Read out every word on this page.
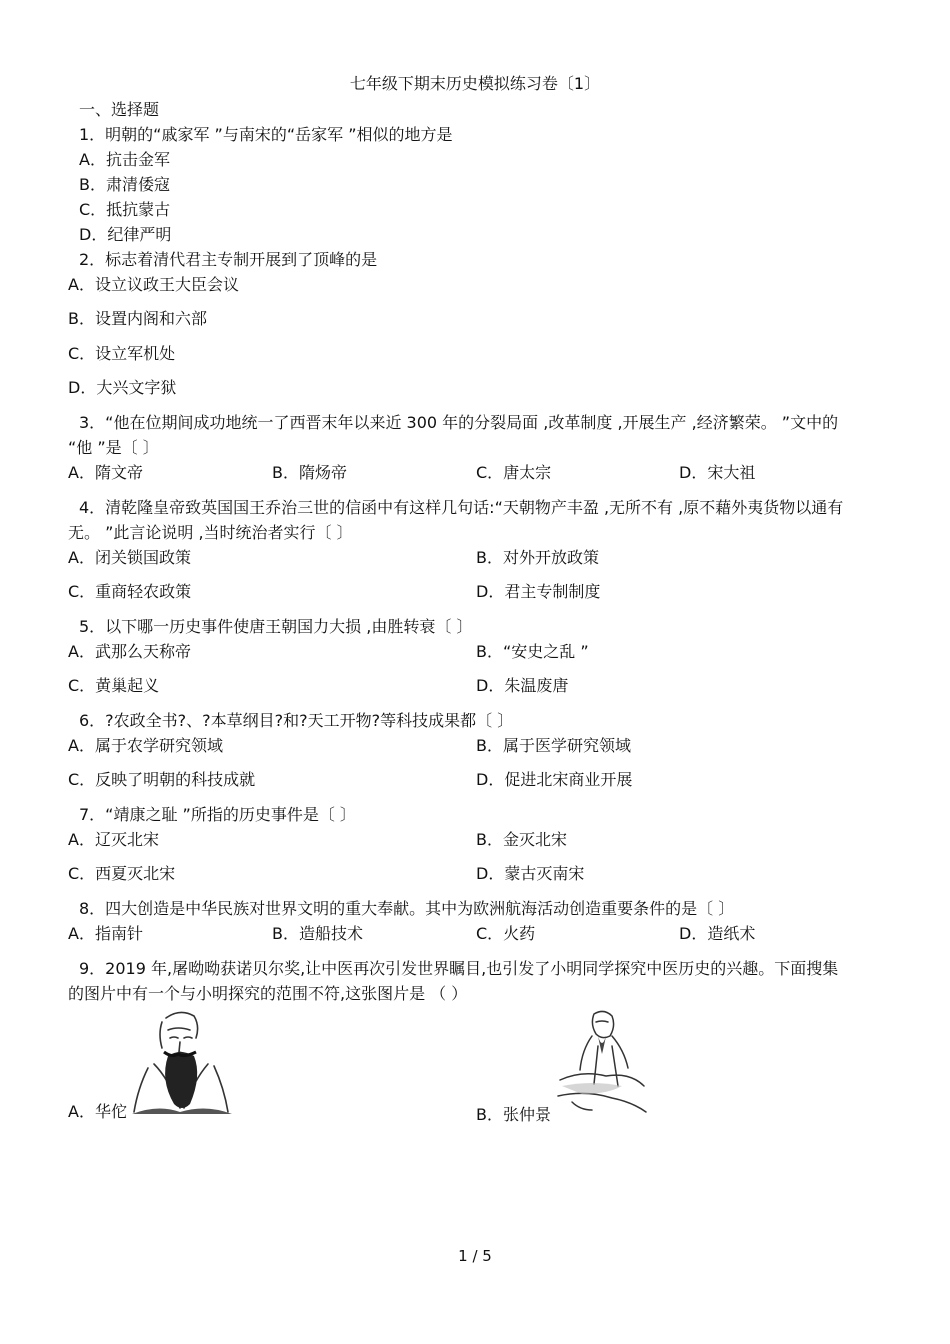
七年级下期末历史模拟练习卷〔1〕
一、选择题
1．明朝的“戚家军 ”与南宋的“岳家军 ”相似的地方是
A．抗击金军
B．肃清倭寇
C．抵抗蒙古
D．纪律严明
2．标志着清代君主专制开展到了顶峰的是
A．设立议政王大臣会议
B．设置内阁和六部
C．设立军机处
D．大兴文字狱
3．“他在位期间成功地统一了西晋末年以来近 300 年的分裂局面 ,改革制度 ,开展生产 ,经济繁荣。 ”文中的
“他 ”是〔 〕
A．隋文帝	B．隋炀帝	C．唐太宗	D．宋大祖
4．清乾隆皇帝致英国国王乔治三世的信函中有这样几句话:“天朝物产丰盈 ,无所不有 ,原不藉外夷货物以通有
无。 ”此言论说明 ,当时统治者实行〔 〕
A．闭关锁国政策	B．对外开放政策
C．重商轻农政策	D．君主专制制度
5．以下哪一历史事件使唐王朝国力大损 ,由胜转衰〔 〕
A．武那么天称帝	B．“安史之乱 ”
C．黄巢起义	D．朱温废唐
6．?农政全书?、?本草纲目?和?天工开物?等科技成果都〔 〕
A．属于农学研究领域	B．属于医学研究领域
C．反映了明朝的科技成就	D．促进北宋商业开展
7．“靖康之耻 ”所指的历史事件是〔 〕
A．辽灭北宋	B．金灭北宋
C．西夏灭北宋	D．蒙古灭南宋
8．四大创造是中华民族对世界文明的重大奉献。其中为欧洲航海活动创造重要条件的是〔 〕
A．指南针	B．造船技术	C．火药	D．造纸术
9．2019 年,屠呦呦获诺贝尔奖,让中医再次引发世界瞩目,也引发了小明同学探究中医历史的兴趣。下面搜集
的图片中有一个与小明探究的范围不符,这张图片是 （ ）
A．华佗	B．张仲景
1 / 5
